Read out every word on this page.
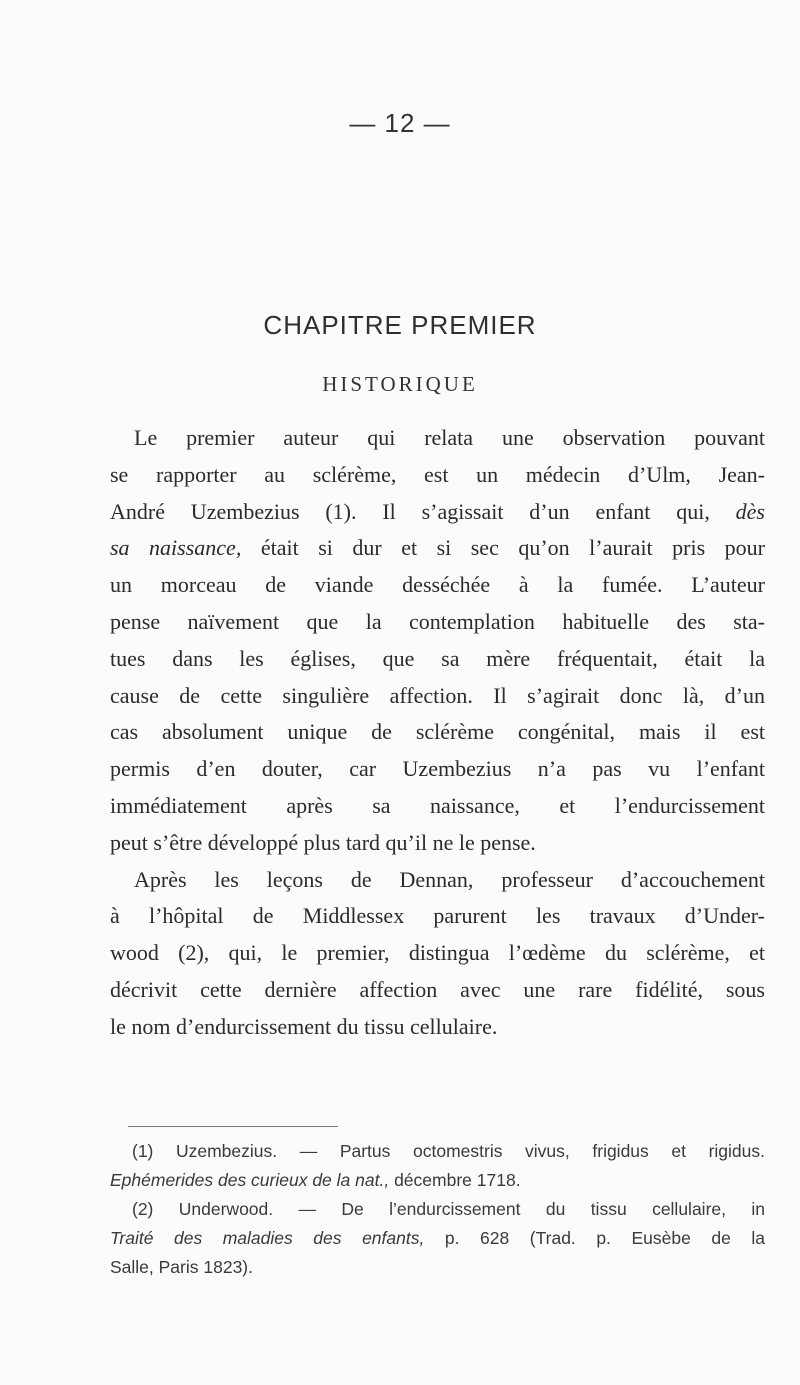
— 12 —
CHAPITRE PREMIER
HISTORIQUE
Le premier auteur qui relata une observation pouvant
se rapporter au sclérème, est un médecin d’Ulm, Jean-
André Uzembezius (1). Il s’agissait d’un enfant qui, dès
sa naissance, était si dur et si sec qu’on l’aurait pris pour
un morceau de viande desséchée à la fumée. L’auteur
pense naïvement que la contemplation habituelle des sta-
tues dans les églises, que sa mère fréquentait, était la
cause de cette singulière affection. Il s’agirait donc là, d’un
cas absolument unique de sclérème congénital, mais il est
permis d’en douter, car Uzembezius n’a pas vu l’enfant
immédiatement après sa naissance, et l’endurcissement
peut s’être développé plus tard qu’il ne le pense.
Après les leçons de Dennan, professeur d’accouchement
à l’hôpital de Middlessex parurent les travaux d’Under-
wood (2), qui, le premier, distingua l’œdème du sclérème, et
décrivit cette dernière affection avec une rare fidélité, sous
le nom d’endurcissement du tissu cellulaire.
(1) Uzembezius. — Partus octomestris vivus, frigidus et rigidus.
Ephémerides des curieux de la nat., décembre 1718.
(2) Underwood. — De l’endurcissement du tissu cellulaire, in
Traité des maladies des enfants, p. 628 (Trad. p. Eusèbe de la
Salle, Paris 1823).
